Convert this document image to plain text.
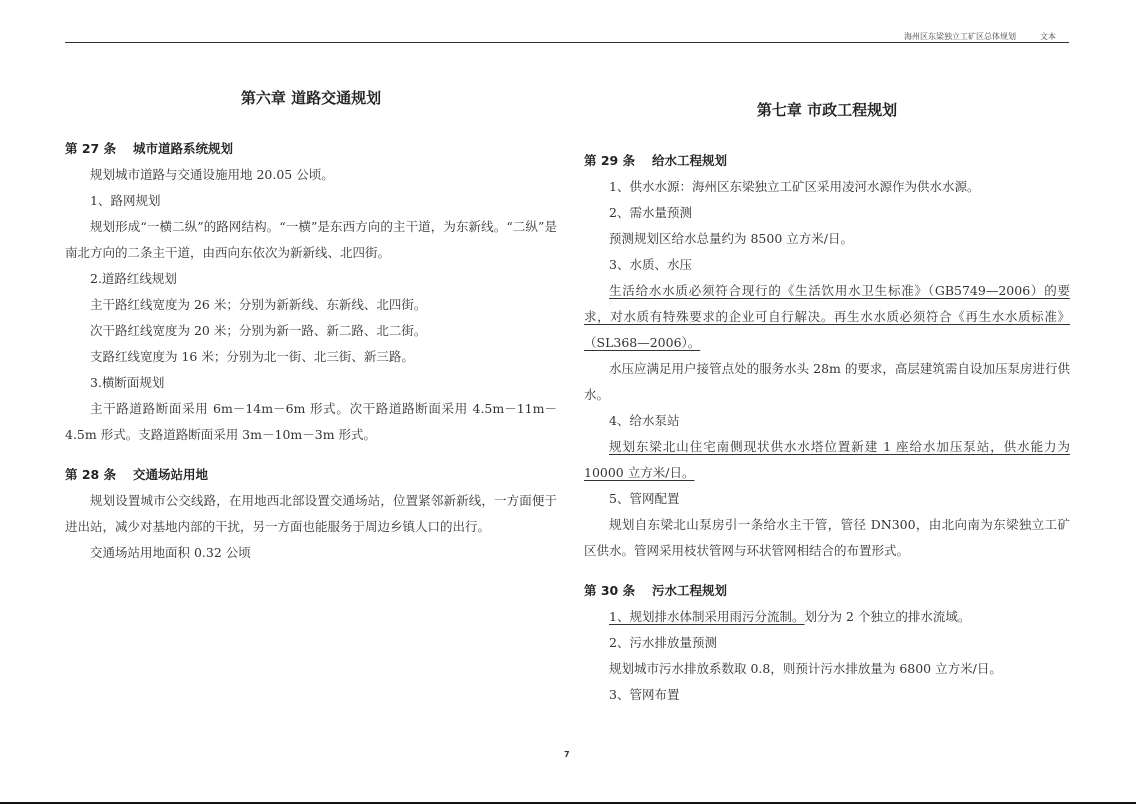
海州区东梁独立工矿区总体规划	文本
第六章 道路交通规划
第 27 条 城市道路系统规划

规划城市道路与交通设施用地 20.05 公顷。

1、路网规划

规划形成“一横二纵”的路网结构。“一横”是东西方向的主干道，为东新线。“二纵”是南北方向的二条主干道，由西向东依次为新新线、北四街。

2.道路红线规划

主干路红线宽度为 26 米；分别为新新线、东新线、北四街。

次干路红线宽度为 20 米；分别为新一路、新二路、北二街。

支路红线宽度为 16 米；分别为北一街、北三街、新三路。

3.横断面规划

主干路道路断面采用 6m－14m－6m 形式。次干路道路断面采用 4.5m－11m－4.5m 形式。支路道路断面采用 3m－10m－3m 形式。

第 28 条 交通场站用地

规划设置城市公交线路，在用地西北部设置交通场站，位置紧邻新新线，一方面便于进出站，减少对基地内部的干扰，另一方面也能服务于周边乡镇人口的出行。

交通场站用地面积 0.32 公顷

第七章 市政工程规划
第 29 条 给水工程规划

1、供水水源：海州区东梁独立工矿区采用凌河水源作为供水水源。

2、需水量预测

预测规划区给水总量约为 8500 立方米/日。

3、水质、水压

生活给水水质必须符合现行的《生活饮用水卫生标准》（GB5749—2006）的要求，对水质有特殊要求的企业可自行解决。再生水水质必须符合《再生水水质标准》（SL368—2006）。

水压应满足用户接管点处的服务水头 28m 的要求，高层建筑需自设加压泵房进行供水。

4、给水泵站

规划东梁北山住宅南侧现状供水水塔位置新建 1 座给水加压泵站，供水能力为 10000 立方米/日。

5、管网配置

规划自东梁北山泵房引一条给水主干管，管径 DN300，由北向南为东梁独立工矿区供水。管网采用枝状管网与环状管网相结合的布置形式。

第 30 条 污水工程规划

1、规划排水体制采用雨污分流制。划分为 2 个独立的排水流域。

2、污水排放量预测

规划城市污水排放系数取 0.8，则预计污水排放量为 6800 立方米/日。

3、管网布置

7
